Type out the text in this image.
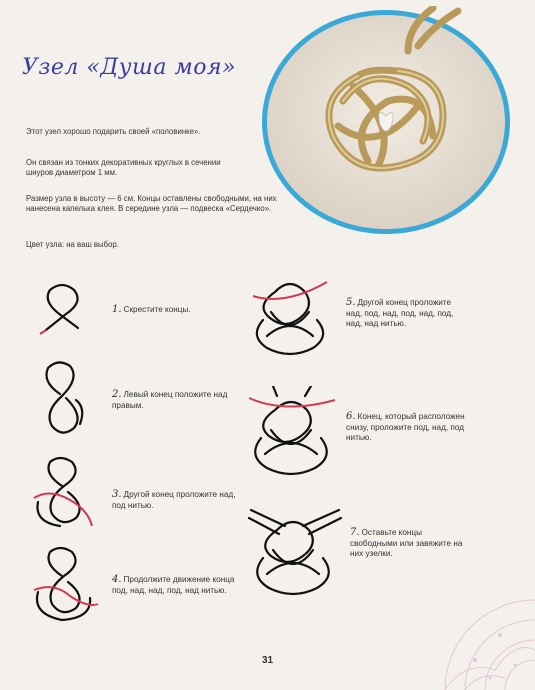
Узел «Душа моя»

Этот узел хорошо подарить своей «половинке».

Он связан из тонких декоративных круглых в сечении шнуров диаметром 1 мм.

Размер узла в высоту — 6 см. Концы оставлены свободными, на них нанесена капелька клея. В середине узла — подвеска «Сердечко».

Цвет узла: на ваш выбор.

1. Скрестите концы.
2. Левый конец положите над правым.
3. Другой конец проложите над, под нитью.
4. Продолжите движение конца под, над, над, под, над нитью.
5. Другой конец проложите над, под, над, под, над, под, над, над нитью.
6. Конец, который расположен снизу, проложите под, над, под нитью.
7. Оставьте концы свободными или завяжите на них узелки.
31
